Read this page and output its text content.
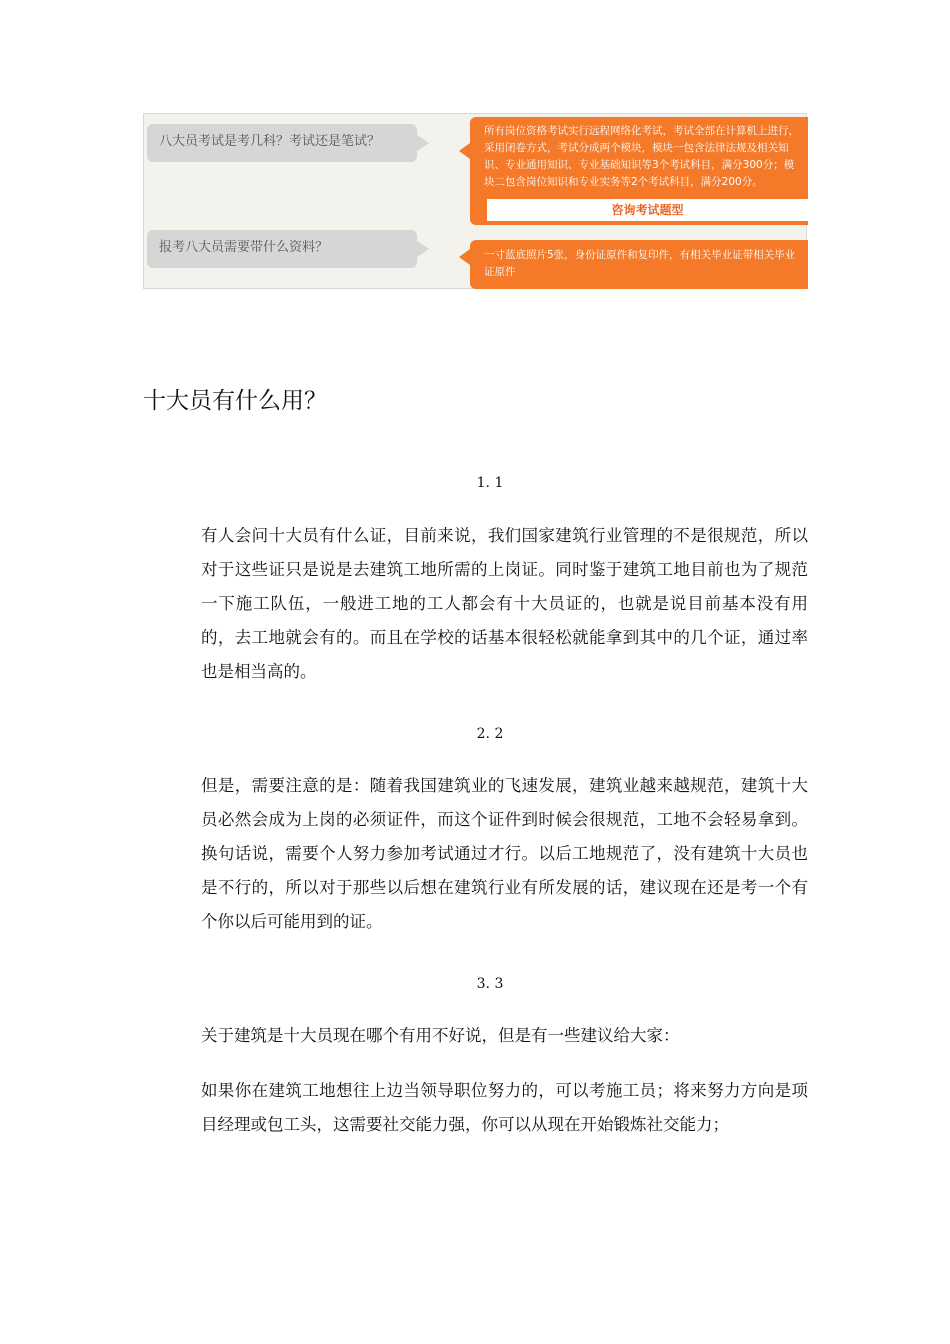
八大员考试是考几科？考试还是笔试？
所有岗位资格考试实行远程网络化考试，考试全部在计算机上进行，采用闭卷方式，考试分成两个模块，模块一包含法律法规及相关知识、专业通用知识、专业基础知识等3个考试科目，满分300分；模块二包含岗位知识和专业实务等2个考试科目，满分200分。
咨询考试题型
报考八大员需要带什么资料？	一寸蓝底照片5张，身份证原件和复印件，有相关毕业证带相关毕业证原件
十大员有什么用？
1. 1

有人会问十大员有什么证，目前来说，我们国家建筑行业管理的不是很规范，所以对于这些证只是说是去建筑工地所需的上岗证。同时鉴于建筑工地目前也为了规范一下施工队伍，一般进工地的工人都会有十大员证的，也就是说目前基本没有用的，去工地就会有的。而且在学校的话基本很轻松就能拿到其中的几个证，通过率也是相当高的。

2. 2

但是，需要注意的是：随着我国建筑业的飞速发展，建筑业越来越规范，建筑十大员必然会成为上岗的必须证件，而这个证件到时候会很规范，工地不会轻易拿到。换句话说，需要个人努力参加考试通过才行。以后工地规范了，没有建筑十大员也是不行的，所以对于那些以后想在建筑行业有所发展的话，建议现在还是考一个有个你以后可能用到的证。

3. 3

关于建筑是十大员现在哪个有用不好说，但是有一些建议给大家：

如果你在建筑工地想往上边当领导职位努力的，可以考施工员；将来努力方向是项目经理或包工头，这需要社交能力强，你可以从现在开始锻炼社交能力；
